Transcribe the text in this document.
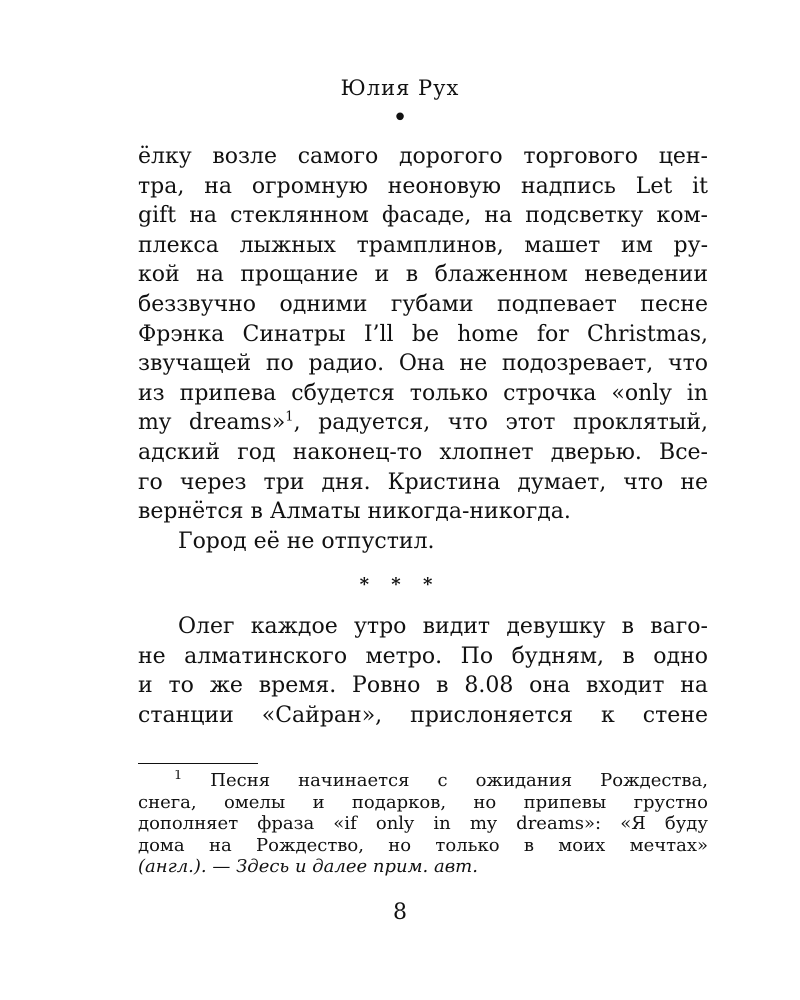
Юлия Рух
•
ёлку возле самого дорогого торгового цен-
тра, на огромную неоновую надпись Let it
gift на стеклянном фасаде, на подсветку ком-
плекса лыжных трамплинов, машет им ру-
кой на прощание и в блаженном неведении
беззвучно одними губами подпевает песне
Фрэнка Синатры I’ll be home for Christmas,
звучащей по радио. Она не подозревает, что
из припева сбудется только строчка «only in
my dreams»$^1$, радуется, что этот проклятый,
адский год наконец-то хлопнет дверью. Все-
го через три дня. Кристина думает, что не
вернётся в Алматы никогда-никогда.
Город её не отпустил.
* * *
Олег каждое утро видит девушку в ваго-
не алматинского метро. По будням, в одно
и то же время. Ровно в 8.08 она входит на
станции «Сайран», прислоняется к стене
$^1$ Песня начинается с ожидания Рождества,
снега, омелы и подарков, но припевы грустно
дополняет фраза «if only in my dreams»: «Я буду
дома на Рождество, но только в моих мечтах»
(англ.). — Здесь и далее прим. авт.
8
